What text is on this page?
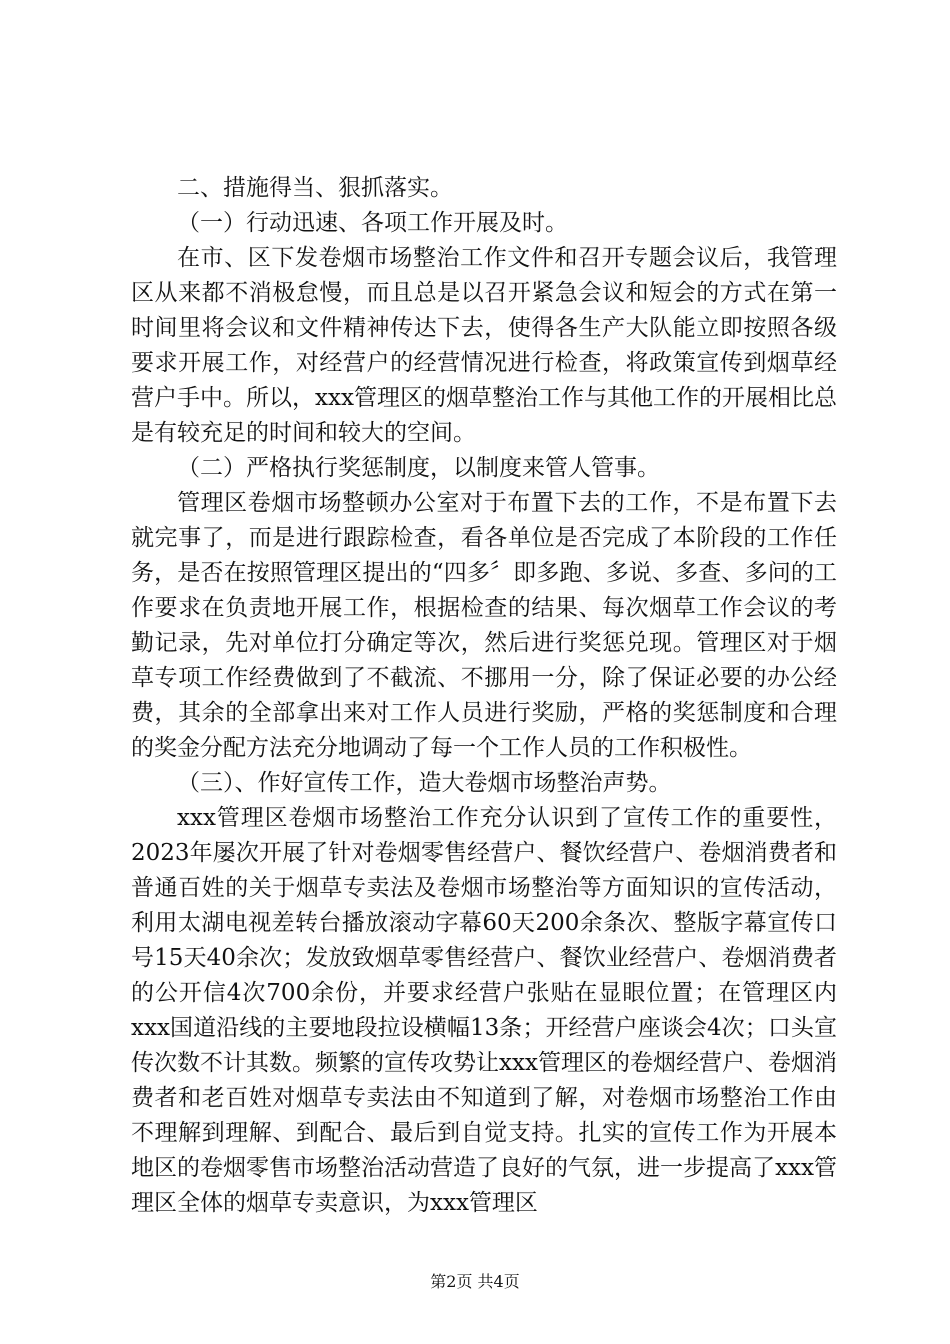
二、措施得当、狠抓落实。

（一）行动迅速、各项工作开展及时。

在市、区下发卷烟市场整治工作文件和召开专题会议后，我管理区从来都不消极怠慢，而且总是以召开紧急会议和短会的方式在第一时间里将会议和文件精神传达下去，使得各生产大队能立即按照各级要求开展工作，对经营户的经营情况进行检查，将政策宣传到烟草经营户手中。所以，xxx管理区的烟草整治工作与其他工作的开展相比总是有较充足的时间和较大的空间。

（二）严格执行奖惩制度，以制度来管人管事。

管理区卷烟市场整顿办公室对于布置下去的工作，不是布置下去就完事了，而是进行跟踪检查，看各单位是否完成了本阶段的工作任务，是否在按照管理区提出的“四多〞即多跑、多说、多查、多问的工作要求在负责地开展工作，根据检查的结果、每次烟草工作会议的考勤记录，先对单位打分确定等次，然后进行奖惩兑现。管理区对于烟草专项工作经费做到了不截流、不挪用一分，除了保证必要的办公经费，其余的全部拿出来对工作人员进行奖励，严格的奖惩制度和合理的奖金分配方法充分地调动了每一个工作人员的工作积极性。

（三）、作好宣传工作，造大卷烟市场整治声势。

xxx管理区卷烟市场整治工作充分认识到了宣传工作的重要性，2023年屡次开展了针对卷烟零售经营户、餐饮经营户、卷烟消费者和普通百姓的关于烟草专卖法及卷烟市场整治等方面知识的宣传活动，利用太湖电视差转台播放滚动字幕60天200余条次、整版字幕宣传口号15天40余次；发放致烟草零售经营户、餐饮业经营户、卷烟消费者的公开信4次700余份，并要求经营户张贴在显眼位置；在管理区内xxx国道沿线的主要地段拉设横幅13条；开经营户座谈会4次；口头宣传次数不计其数。频繁的宣传攻势让xxx管理区的卷烟经营户、卷烟消费者和老百姓对烟草专卖法由不知道到了解，对卷烟市场整治工作由不理解到理解、到配合、最后到自觉支持。扎实的宣传工作为开展本地区的卷烟零售市场整治活动营造了良好的气氛，进一步提高了xxx管理区全体的烟草专卖意识，为xxx管理区

第2页 共4页
